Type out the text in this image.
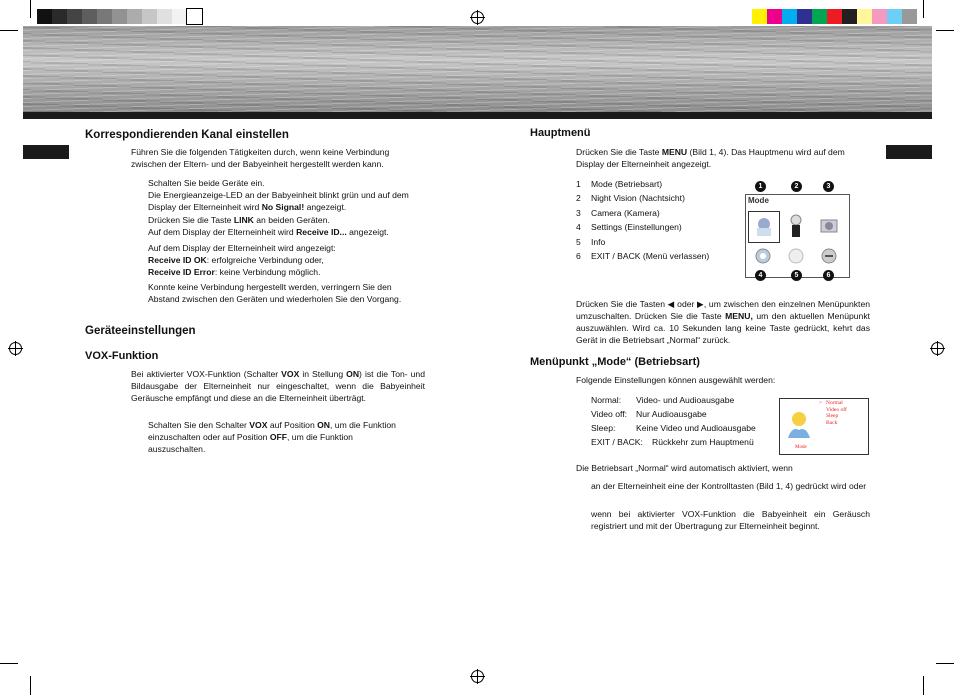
Korrespondierenden Kanal einstellen
Führen Sie die folgenden Tätigkeiten durch, wenn keine Verbindung zwischen der Eltern- und der Babyeinheit hergestellt werden kann.
Schalten Sie beide Geräte ein.
Die Energieanzeige-LED an der Babyeinheit blinkt grün und auf dem Display der Elterneinheit wird No Signal! angezeigt.
Drücken Sie die Taste LINK an beiden Geräten.
Auf dem Display der Elterneinheit wird Receive ID... angezeigt.
Auf dem Display der Elterneinheit wird angezeigt:
Receive ID OK: erfolgreiche Verbindung oder,
Receive ID Error: keine Verbindung möglich.
Konnte keine Verbindung hergestellt werden, verringern Sie den Abstand zwischen den Geräten und wiederholen Sie den Vorgang.
Geräteeinstellungen
VOX-Funktion
Bei aktivierter VOX-Funktion (Schalter VOX in Stellung ON) ist die Ton- und Bildausgabe der Elterneinheit nur eingeschaltet, wenn die Babyeinheit Geräusche empfängt und diese an die Elterneinheit überträgt.
Schalten Sie den Schalter VOX auf Position ON, um die Funktion einzuschalten oder auf Position OFF, um die Funktion auszuschalten.
Hauptmenü
Drücken Sie die Taste MENU (Bild 1, 4). Das Hauptmenu wird auf dem Display der Elterneinheit angezeigt.
1 Mode (Betriebsart)
2 Night Vision (Nachtsicht)
3 Camera (Kamera)
4 Settings (Einstellungen)
5 Info
6 EXIT / BACK (Menü verlassen)
Mode
1	2	3
4	5	6
Drücken Sie die Tasten ◀ oder ▶, um zwischen den einzelnen Menüpunkten umzuschalten. Drücken Sie die Taste MENU, um den aktuellen Menüpunkt auszuwählen. Wird ca. 10 Sekunden lang keine Taste gedrückt, kehrt das Gerät in die Betriebsart „Normal“ zurück.
Menüpunkt „Mode“ (Betriebsart)
Folgende Einstellungen können ausgewählt werden:
Normal: Video- und Audioausgabe
Video off: Nur Audioausgabe
Sleep: Keine Video und Audioausgabe
EXIT / BACK: Rückkehr zum Hauptmenü
> Normal
Video off
Sleep
Back
Mode
Die Betriebsart „Normal“ wird automatisch aktiviert, wenn
an der Elterneinheit eine der Kontrolltasten (Bild 1, 4) gedrückt wird oder
wenn bei aktivierter VOX-Funktion die Babyeinheit ein Geräusch registriert und mit der Übertragung zur Elterneinheit beginnt.
